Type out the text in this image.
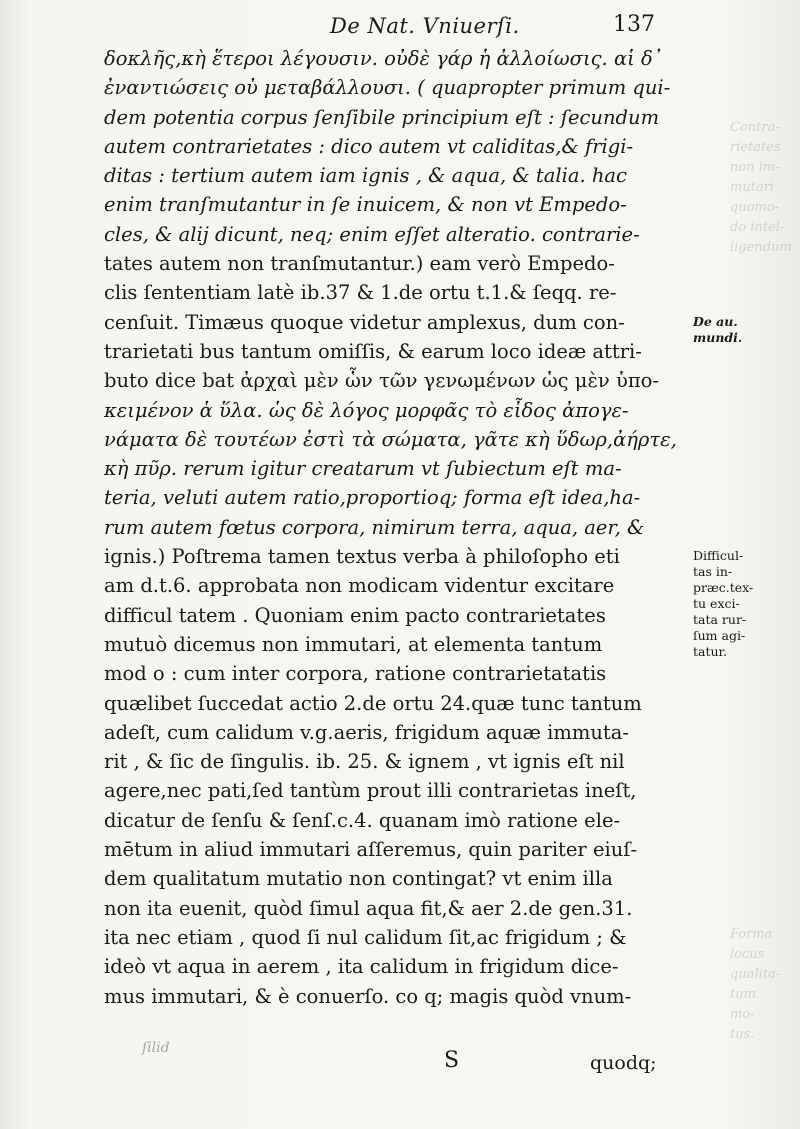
Contra-
rietates
non im-
mutari
quomo-
do intel-
ligendum
Forma
locus
qualita-
tum
mo-
tus.
De Nat. Vniuerſi.	137
δοκλῆς,κὴ ἕτεροι λέγουσιν. οὐδὲ γάρ ἡ ἀλλοίωσις. αἱ δ᾽
ἐναντιώσεις οὐ μεταβάλλουσι. ( quapropter primum qui-
dem potentia corpus ſenſibile principium eſt : ſecundum
autem contrarietates : dico autem vt caliditas,& frigi-
ditas : tertium autem iam ignis , & aqua, & talia. hac
enim tranſmutantur in ſe inuicem, & non vt Empedo-
cles, & alij dicunt, neq; enim eſſet alteratio. contrarie-
tates autem non tranſmutantur.) eam verò Empedo-
clis ſententiam latè ib.37 & 1.de ortu t.1.& ſeqq. re-
cenſuit. Timæus quoque videtur amplexus, dum con-
trarietati bus tantum omiſſis, & earum loco ideæ attri-
buto dice bat ἀρχαὶ μὲν ὧν τῶν γενωμένων ὡς μὲν ὑπο-
κειμένον ἁ ὕλα. ὡς δὲ λόγος μορφᾶς τὸ εἶδος ἀπογε-
νάματα δὲ τουτέων ἐστὶ τὰ σώματα, γᾶτε κὴ ὕδωρ,ἀήρτε,
κὴ πῦρ. rerum igitur creatarum vt ſubiectum eſt ma-
teria, veluti autem ratio,proportioq; forma eſt idea,ha-
rum autem fœtus corpora, nimirum terra, aqua, aer, &
ignis.) Poſtrema tamen textus verba à philoſopho eti
am d.t.6. approbata non modicam videntur excitare
difficul tatem . Quoniam enim pacto contrarietates
mutuò dicemus non immutari, at elementa tantum
mod o : cum inter corpora, ratione contrarietatatis
quælibet ſuccedat actio 2.de ortu 24.quæ tunc tantum
adeſt, cum calidum v.g.aeris, frigidum aquæ immuta-
rit , & ſic de ſingulis. ib. 25. & ignem , vt ignis eſt nil
agere,nec pati,ſed tantùm prout illi contrarietas ineſt,
dicatur de ſenſu & ſenſ.c.4. quanam imò ratione ele-
mētum in aliud immutari aſſeremus, quin pariter eiuſ-
dem qualitatum mutatio non contingat? vt enim illa
non ita euenit, quòd ſimul aqua fit,& aer 2.de gen.31.
ita nec etiam , quod ſi nul calidum ſit,ac frigidum ; &
ideò vt aqua in aerem , ita calidum in frigidum dice-
mus immutari, & è conuerſo. co q; magis quòd vnum-
De au.
mundi.
Difficul-
tas in-
præc.tex-
tu exci-
tata rur-
ſum agi-
tatur.
ſilid	S	quodq;
